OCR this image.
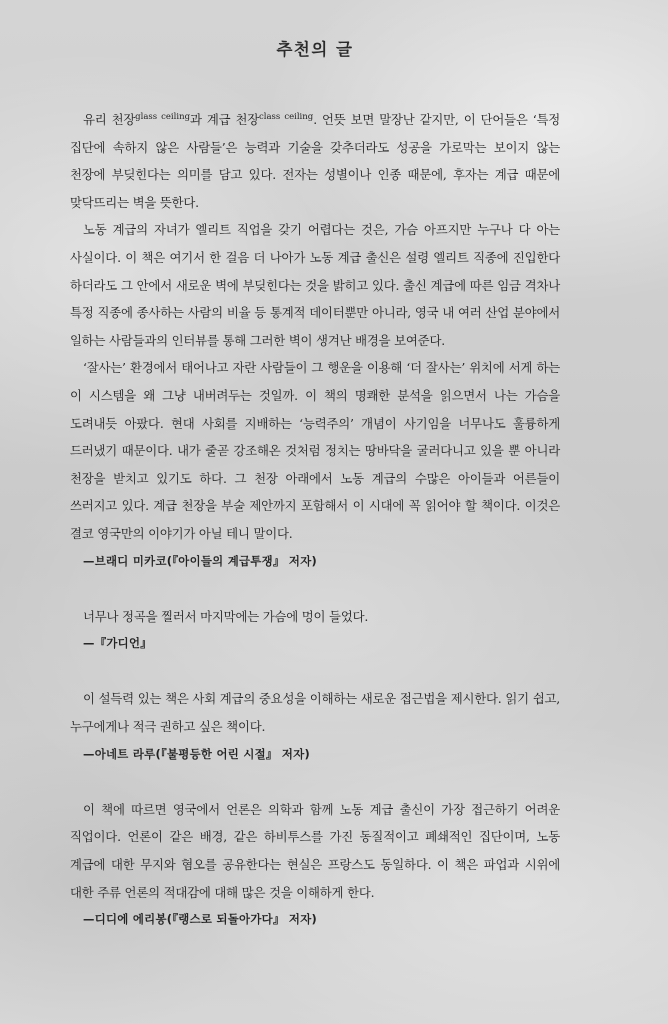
추천의 글

유리 천장$^{glass ceiling}$과 계급 천장$^{class ceiling}$. 언뜻 보면 말장난 같지만, 이 단어들은 ‘특정 집단에 속하지 않은 사람들’은 능력과 기술을 갖추더라도 성공을 가로막는 보이지 않는 천장에 부딪힌다는 의미를 담고 있다. 전자는 성별이나 인종 때문에, 후자는 계급 때문에 맞닥뜨리는 벽을 뜻한다.

노동 계급의 자녀가 엘리트 직업을 갖기 어렵다는 것은, 가슴 아프지만 누구나 다 아는 사실이다. 이 책은 여기서 한 걸음 더 나아가 노동 계급 출신은 설령 엘리트 직종에 진입한다 하더라도 그 안에서 새로운 벽에 부딪힌다는 것을 밝히고 있다. 출신 계급에 따른 임금 격차나 특정 직종에 종사하는 사람의 비율 등 통계적 데이터뿐만 아니라, 영국 내 여러 산업 분야에서 일하는 사람들과의 인터뷰를 통해 그러한 벽이 생겨난 배경을 보여준다.

‘잘사는’ 환경에서 태어나고 자란 사람들이 그 행운을 이용해 ‘더 잘사는’ 위치에 서게 하는 이 시스템을 왜 그냥 내버려두는 것일까. 이 책의 명쾌한 분석을 읽으면서 나는 가슴을 도려내듯 아팠다. 현대 사회를 지배하는 ‘능력주의’ 개념이 사기임을 너무나도 훌륭하게 드러냈기 때문이다. 내가 줄곧 강조해온 것처럼 정치는 땅바닥을 굴러다니고 있을 뿐 아니라 천장을 받치고 있기도 하다. 그 천장 아래에서 노동 계급의 수많은 아이들과 어른들이 쓰러지고 있다. 계급 천장을 부술 제안까지 포함해서 이 시대에 꼭 읽어야 할 책이다. 이것은 결코 영국만의 이야기가 아닐 테니 말이다.

—브래디 미카코(『아이들의 계급투쟁』 저자)

너무나 정곡을 찔러서 마지막에는 가슴에 멍이 들었다.

—『가디언』

이 설득력 있는 책은 사회 계급의 중요성을 이해하는 새로운 접근법을 제시한다. 읽기 쉽고, 누구에게나 적극 권하고 싶은 책이다.

—아네트 라루(『불평등한 어린 시절』 저자)

이 책에 따르면 영국에서 언론은 의학과 함께 노동 계급 출신이 가장 접근하기 어려운 직업이다. 언론이 같은 배경, 같은 하비투스를 가진 동질적이고 폐쇄적인 집단이며, 노동 계급에 대한 무지와 혐오를 공유한다는 현실은 프랑스도 동일하다. 이 책은 파업과 시위에 대한 주류 언론의 적대감에 대해 많은 것을 이해하게 한다.

—디디에 에리봉(『랭스로 되돌아가다』 저자)
